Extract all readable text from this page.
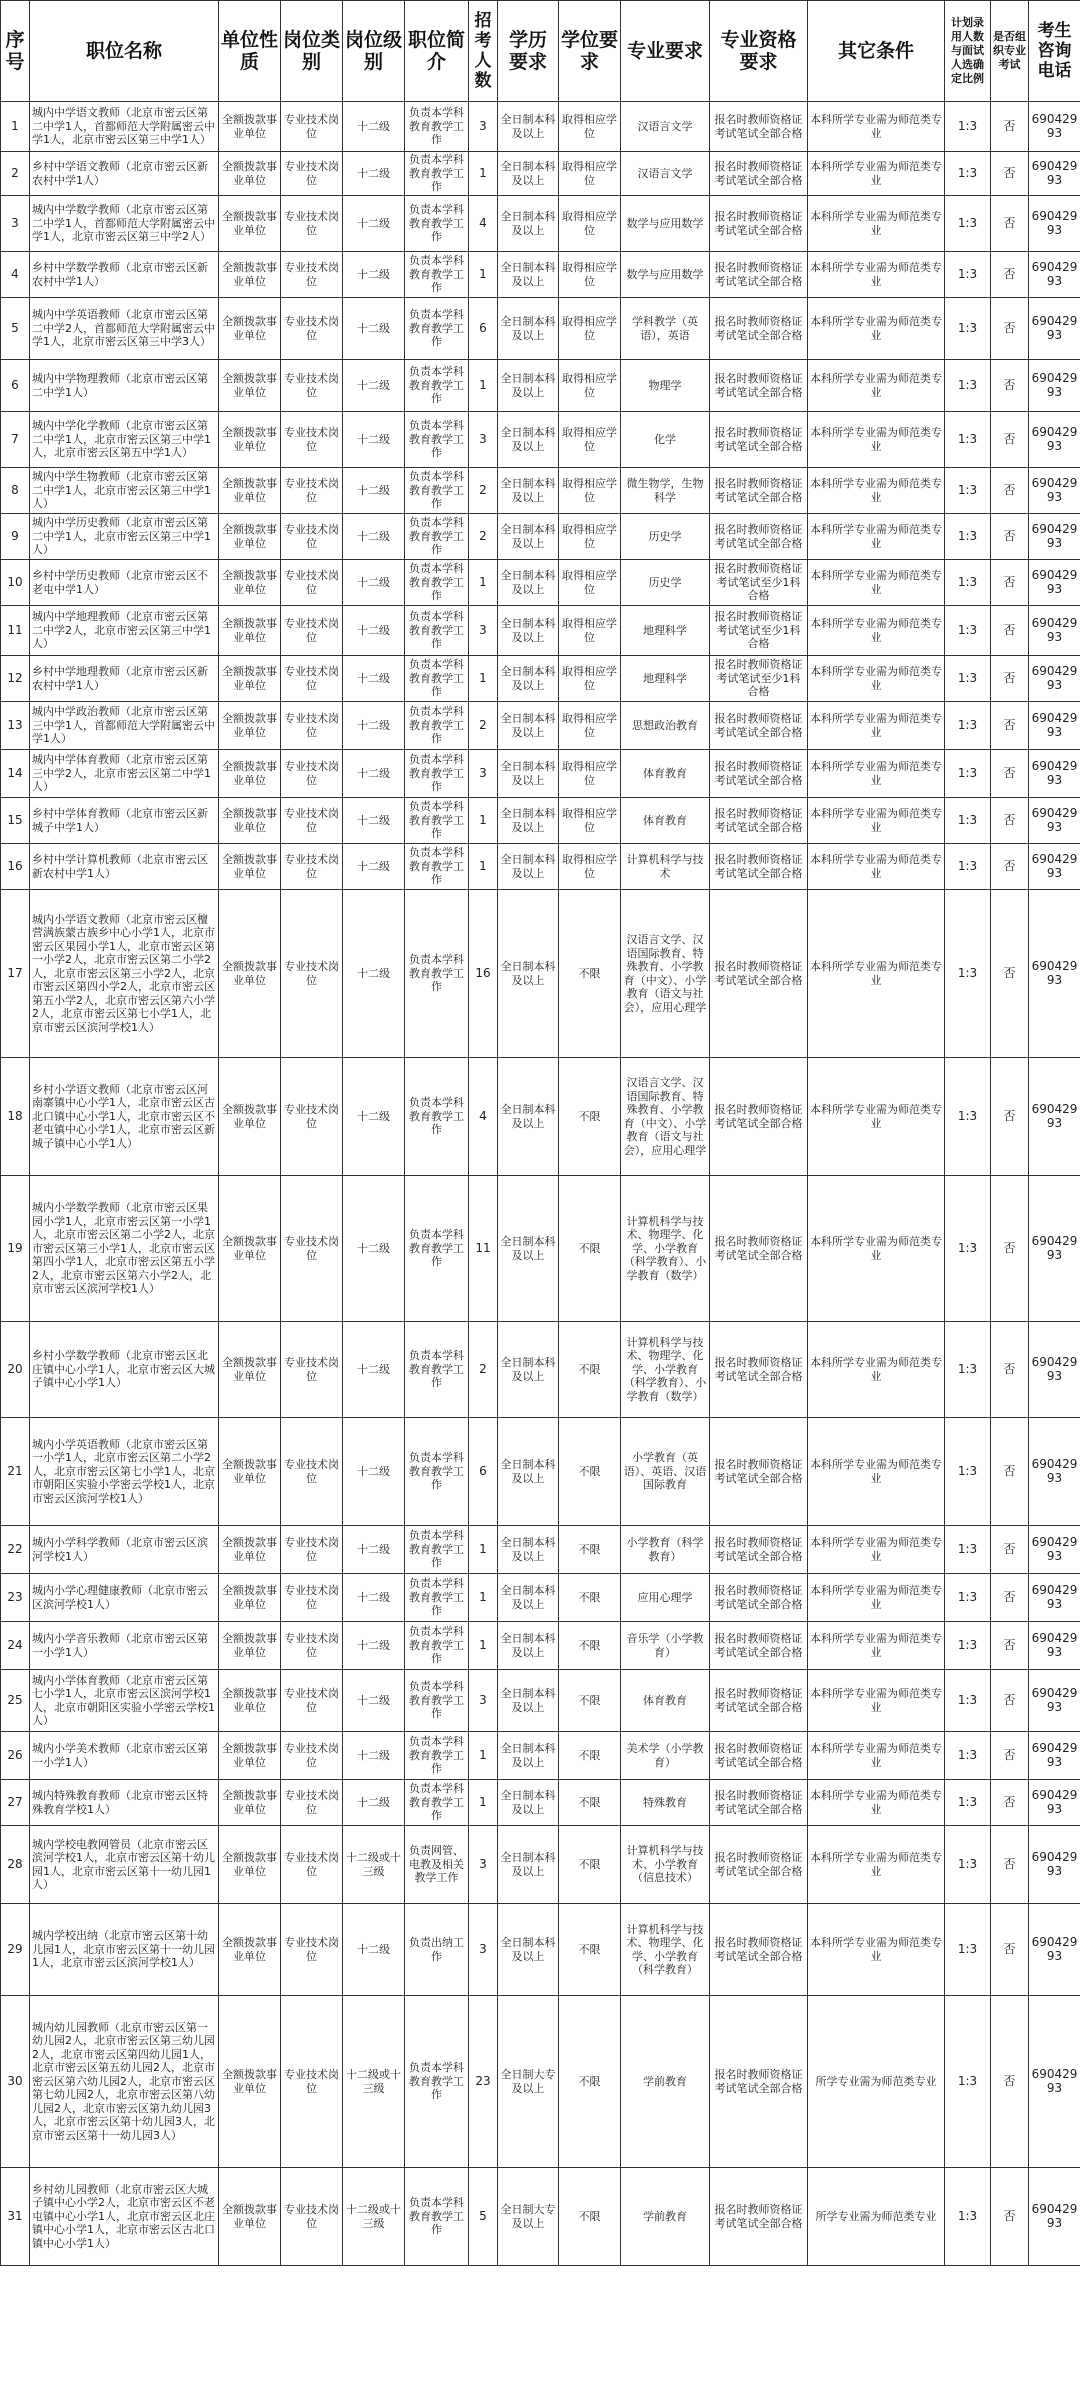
序号	职位名称	单位性质	岗位类别	岗位级别	职位简介	招考人数	学历要求	学位要求	专业要求	专业资格要求	其它条件	计划录用人数与面试人选确定比例	是否组织专业考试	考生咨询电话
1	城内中学语文教师（北京市密云区第二中学1人，首都师范大学附属密云中学1人，北京市密云区第三中学1人）	全额拨款事业单位	专业技术岗位	十二级	负责本学科教育教学工作	3	全日制本科及以上	取得相应学位	汉语言文学	报名时教师资格证考试笔试全部合格	本科所学专业需为师范类专业	1:3	否	69042993
2	乡村中学语文教师（北京市密云区新农村中学1人）	全额拨款事业单位	专业技术岗位	十二级	负责本学科教育教学工作	1	全日制本科及以上	取得相应学位	汉语言文学	报名时教师资格证考试笔试全部合格	本科所学专业需为师范类专业	1:3	否	69042993
3	城内中学数学教师（北京市密云区第二中学1人，首都师范大学附属密云中学1人，北京市密云区第三中学2人）	全额拨款事业单位	专业技术岗位	十二级	负责本学科教育教学工作	4	全日制本科及以上	取得相应学位	数学与应用数学	报名时教师资格证考试笔试全部合格	本科所学专业需为师范类专业	1:3	否	69042993
4	乡村中学数学教师（北京市密云区新农村中学1人）	全额拨款事业单位	专业技术岗位	十二级	负责本学科教育教学工作	1	全日制本科及以上	取得相应学位	数学与应用数学	报名时教师资格证考试笔试全部合格	本科所学专业需为师范类专业	1:3	否	69042993
5	城内中学英语教师（北京市密云区第二中学2人，首都师范大学附属密云中学1人，北京市密云区第三中学3人）	全额拨款事业单位	专业技术岗位	十二级	负责本学科教育教学工作	6	全日制本科及以上	取得相应学位	学科教学（英语），英语	报名时教师资格证考试笔试全部合格	本科所学专业需为师范类专业	1:3	否	69042993
6	城内中学物理教师（北京市密云区第二中学1人）	全额拨款事业单位	专业技术岗位	十二级	负责本学科教育教学工作	1	全日制本科及以上	取得相应学位	物理学	报名时教师资格证考试笔试全部合格	本科所学专业需为师范类专业	1:3	否	69042993
7	城内中学化学教师（北京市密云区第二中学1人，北京市密云区第三中学1人，北京市密云区第五中学1人）	全额拨款事业单位	专业技术岗位	十二级	负责本学科教育教学工作	3	全日制本科及以上	取得相应学位	化学	报名时教师资格证考试笔试全部合格	本科所学专业需为师范类专业	1:3	否	69042993
8	城内中学生物教师（北京市密云区第二中学1人，北京市密云区第三中学1人）	全额拨款事业单位	专业技术岗位	十二级	负责本学科教育教学工作	2	全日制本科及以上	取得相应学位	微生物学，生物科学	报名时教师资格证考试笔试全部合格	本科所学专业需为师范类专业	1:3	否	69042993
9	城内中学历史教师（北京市密云区第二中学1人，北京市密云区第三中学1人）	全额拨款事业单位	专业技术岗位	十二级	负责本学科教育教学工作	2	全日制本科及以上	取得相应学位	历史学	报名时教师资格证考试笔试全部合格	本科所学专业需为师范类专业	1:3	否	69042993
10	乡村中学历史教师（北京市密云区不老屯中学1人）	全额拨款事业单位	专业技术岗位	十二级	负责本学科教育教学工作	1	全日制本科及以上	取得相应学位	历史学	报名时教师资格证考试笔试至少1科合格	本科所学专业需为师范类专业	1:3	否	69042993
11	城内中学地理教师（北京市密云区第二中学2人，北京市密云区第三中学1人）	全额拨款事业单位	专业技术岗位	十二级	负责本学科教育教学工作	3	全日制本科及以上	取得相应学位	地理科学	报名时教师资格证考试笔试至少1科合格	本科所学专业需为师范类专业	1:3	否	69042993
12	乡村中学地理教师（北京市密云区新农村中学1人）	全额拨款事业单位	专业技术岗位	十二级	负责本学科教育教学工作	1	全日制本科及以上	取得相应学位	地理科学	报名时教师资格证考试笔试至少1科合格	本科所学专业需为师范类专业	1:3	否	69042993
13	城内中学政治教师（北京市密云区第三中学1人，首都师范大学附属密云中学1人）	全额拨款事业单位	专业技术岗位	十二级	负责本学科教育教学工作	2	全日制本科及以上	取得相应学位	思想政治教育	报名时教师资格证考试笔试全部合格	本科所学专业需为师范类专业	1:3	否	69042993
14	城内中学体育教师（北京市密云区第三中学2人，北京市密云区第二中学1人）	全额拨款事业单位	专业技术岗位	十二级	负责本学科教育教学工作	3	全日制本科及以上	取得相应学位	体育教育	报名时教师资格证考试笔试全部合格	本科所学专业需为师范类专业	1:3	否	69042993
15	乡村中学体育教师（北京市密云区新城子中学1人）	全额拨款事业单位	专业技术岗位	十二级	负责本学科教育教学工作	1	全日制本科及以上	取得相应学位	体育教育	报名时教师资格证考试笔试全部合格	本科所学专业需为师范类专业	1:3	否	69042993
16	乡村中学计算机教师（北京市密云区新农村中学1人）	全额拨款事业单位	专业技术岗位	十二级	负责本学科教育教学工作	1	全日制本科及以上	取得相应学位	计算机科学与技术	报名时教师资格证考试笔试全部合格	本科所学专业需为师范类专业	1:3	否	69042993
17	城内小学语文教师（北京市密云区檀营满族蒙古族乡中心小学1人，北京市密云区果园小学1人，北京市密云区第一小学2人，北京市密云区第二小学2人，北京市密云区第三小学2人，北京市密云区第四小学2人，北京市密云区第五小学2人，北京市密云区第六小学2人，北京市密云区第七小学1人，北京市密云区滨河学校1人）	全额拨款事业单位	专业技术岗位	十二级	负责本学科教育教学工作	16	全日制本科及以上	不限	汉语言文学、汉语国际教育、特殊教育、小学教育（中文）、小学教育（语文与社会），应用心理学	报名时教师资格证考试笔试全部合格	本科所学专业需为师范类专业	1:3	否	69042993
18	乡村小学语文教师（北京市密云区河南寨镇中心小学1人，北京市密云区古北口镇中心小学1人，北京市密云区不老屯镇中心小学1人，北京市密云区新城子镇中心小学1人）	全额拨款事业单位	专业技术岗位	十二级	负责本学科教育教学工作	4	全日制本科及以上	不限	汉语言文学、汉语国际教育、特殊教育、小学教育（中文）、小学教育（语文与社会），应用心理学	报名时教师资格证考试笔试全部合格	本科所学专业需为师范类专业	1:3	否	69042993
19	城内小学数学教师（北京市密云区果园小学1人，北京市密云区第一小学1人，北京市密云区第二小学2人，北京市密云区第三小学1人，北京市密云区第四小学1人，北京市密云区第五小学2人，北京市密云区第六小学2人，北京市密云区滨河学校1人）	全额拨款事业单位	专业技术岗位	十二级	负责本学科教育教学工作	11	全日制本科及以上	不限	计算机科学与技术、物理学、化学、小学教育（科学教育）、小学教育（数学）	报名时教师资格证考试笔试全部合格	本科所学专业需为师范类专业	1:3	否	69042993
20	乡村小学数学教师（北京市密云区北庄镇中心小学1人，北京市密云区大城子镇中心小学1人）	全额拨款事业单位	专业技术岗位	十二级	负责本学科教育教学工作	2	全日制本科及以上	不限	计算机科学与技术、物理学、化学、小学教育（科学教育）、小学教育（数学）	报名时教师资格证考试笔试全部合格	本科所学专业需为师范类专业	1:3	否	69042993
21	城内小学英语教师（北京市密云区第一小学1人，北京市密云区第二小学2人，北京市密云区第七小学1人，北京市朝阳区实验小学密云学校1人，北京市密云区滨河学校1人）	全额拨款事业单位	专业技术岗位	十二级	负责本学科教育教学工作	6	全日制本科及以上	不限	小学教育（英语）、英语、汉语国际教育	报名时教师资格证考试笔试全部合格	本科所学专业需为师范类专业	1:3	否	69042993
22	城内小学科学教师（北京市密云区滨河学校1人）	全额拨款事业单位	专业技术岗位	十二级	负责本学科教育教学工作	1	全日制本科及以上	不限	小学教育（科学教育）	报名时教师资格证考试笔试全部合格	本科所学专业需为师范类专业	1:3	否	69042993
23	城内小学心理健康教师（北京市密云区滨河学校1人）	全额拨款事业单位	专业技术岗位	十二级	负责本学科教育教学工作	1	全日制本科及以上	不限	应用心理学	报名时教师资格证考试笔试全部合格	本科所学专业需为师范类专业	1:3	否	69042993
24	城内小学音乐教师（北京市密云区第一小学1人）	全额拨款事业单位	专业技术岗位	十二级	负责本学科教育教学工作	1	全日制本科及以上	不限	音乐学（小学教育）	报名时教师资格证考试笔试全部合格	本科所学专业需为师范类专业	1:3	否	69042993
25	城内小学体育教师（北京市密云区第七小学1人，北京市密云区滨河学校1人，北京市朝阳区实验小学密云学校1人）	全额拨款事业单位	专业技术岗位	十二级	负责本学科教育教学工作	3	全日制本科及以上	不限	体育教育	报名时教师资格证考试笔试全部合格	本科所学专业需为师范类专业	1:3	否	69042993
26	城内小学美术教师（北京市密云区第一小学1人）	全额拨款事业单位	专业技术岗位	十二级	负责本学科教育教学工作	1	全日制本科及以上	不限	美术学（小学教育）	报名时教师资格证考试笔试全部合格	本科所学专业需为师范类专业	1:3	否	69042993
27	城内特殊教育教师（北京市密云区特殊教育学校1人）	全额拨款事业单位	专业技术岗位	十二级	负责本学科教育教学工作	1	全日制本科及以上	不限	特殊教育	报名时教师资格证考试笔试全部合格	本科所学专业需为师范类专业	1:3	否	69042993
28	城内学校电教网管员（北京市密云区滨河学校1人，北京市密云区第十幼儿园1人，北京市密云区第十一幼儿园1人）	全额拨款事业单位	专业技术岗位	十二级或十三级	负责网管、电教及相关教学工作	3	全日制本科及以上	不限	计算机科学与技术、小学教育（信息技术）	报名时教师资格证考试笔试全部合格	本科所学专业需为师范类专业	1:3	否	69042993
29	城内学校出纳（北京市密云区第十幼儿园1人，北京市密云区第十一幼儿园1人，北京市密云区滨河学校1人）	全额拨款事业单位	专业技术岗位	十二级	负责出纳工作	3	全日制本科及以上	不限	计算机科学与技术、物理学、化学、小学教育（科学教育）	报名时教师资格证考试笔试全部合格	本科所学专业需为师范类专业	1:3	否	69042993
30	城内幼儿园教师（北京市密云区第一幼儿园2人，北京市密云区第三幼儿园2人，北京市密云区第四幼儿园1人，北京市密云区第五幼儿园2人，北京市密云区第六幼儿园2人，北京市密云区第七幼儿园2人，北京市密云区第八幼儿园2人，北京市密云区第九幼儿园3人，北京市密云区第十幼儿园3人，北京市密云区第十一幼儿园3人）	全额拨款事业单位	专业技术岗位	十二级或十三级	负责本学科教育教学工作	23	全日制大专及以上	不限	学前教育	报名时教师资格证考试笔试全部合格	所学专业需为师范类专业	1:3	否	69042993
31	乡村幼儿园教师（北京市密云区大城子镇中心小学2人，北京市密云区不老屯镇中心小学1人，北京市密云区北庄镇中心小学1人，北京市密云区古北口镇中心小学1人）	全额拨款事业单位	专业技术岗位	十二级或十三级	负责本学科教育教学工作	5	全日制大专及以上	不限	学前教育	报名时教师资格证考试笔试全部合格	所学专业需为师范类专业	1:3	否	69042993
